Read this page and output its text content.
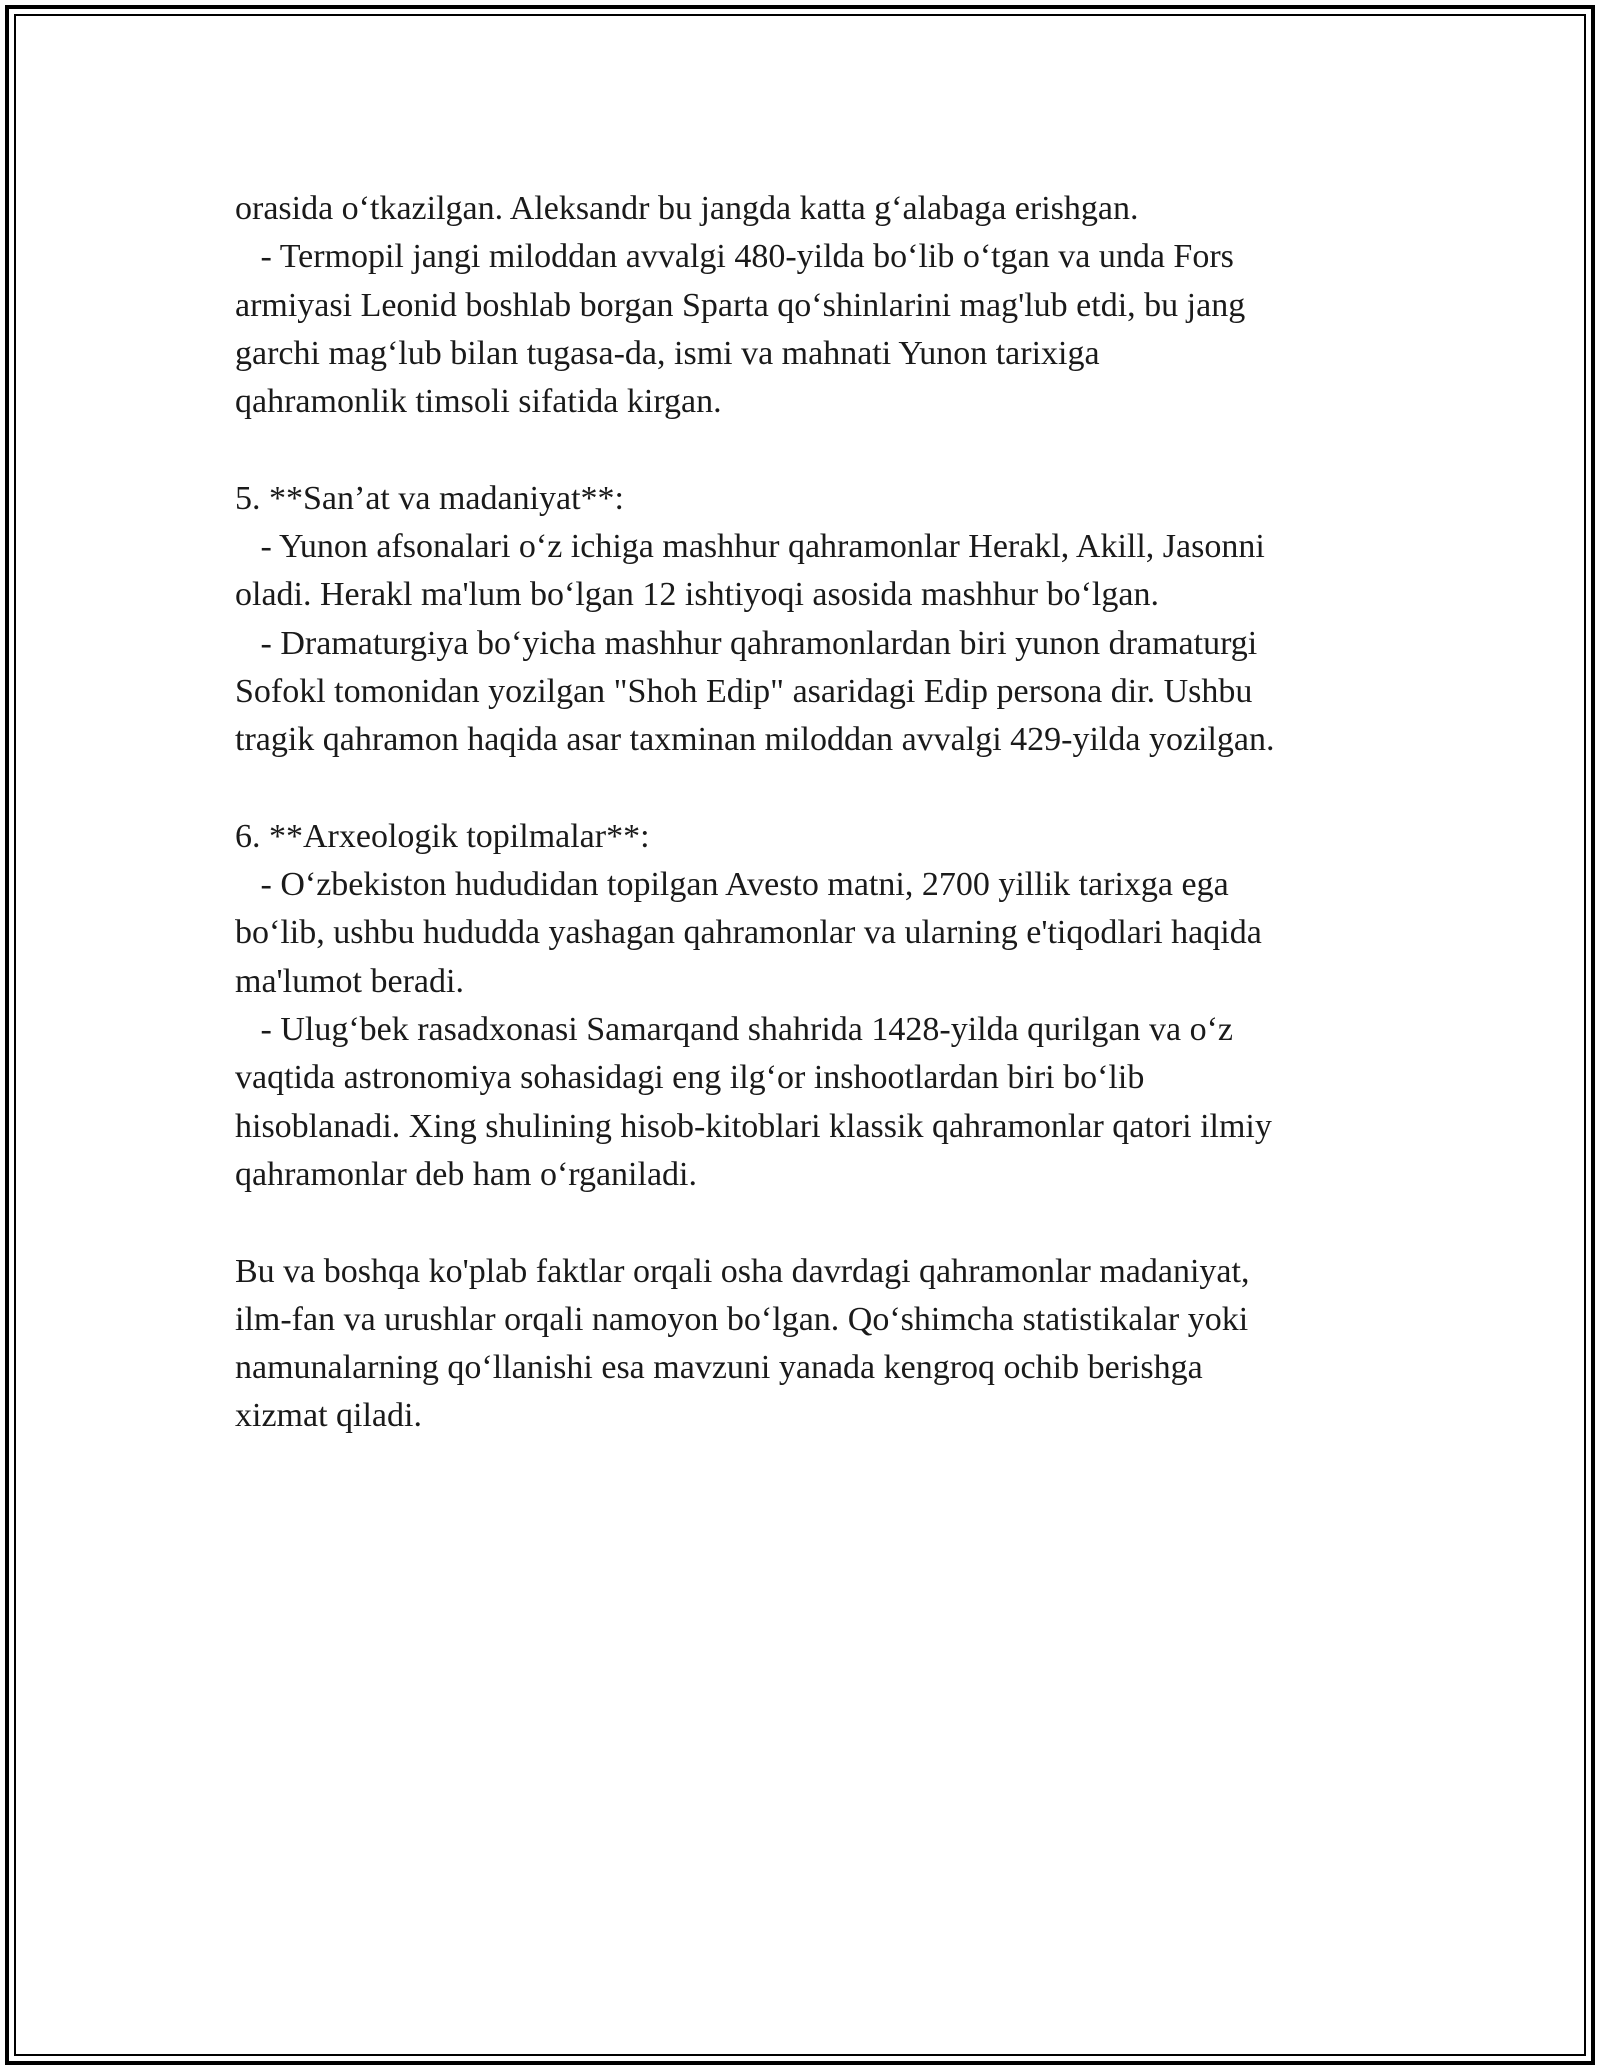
orasida o‘tkazilgan. Aleksandr bu jangda katta g‘alabaga erishgan.
- Termopil jangi miloddan avvalgi 480-yilda bo‘lib o‘tgan va unda Fors
armiyasi Leonid boshlab borgan Sparta qo‘shinlarini mag'lub etdi, bu jang
garchi mag‘lub bilan tugasa-da, ismi va mahnati Yunon tarixiga
qahramonlik timsoli sifatida kirgan.
5. **San’at va madaniyat**:
- Yunon afsonalari o‘z ichiga mashhur qahramonlar Herakl, Akill, Jasonni
oladi. Herakl ma'lum bo‘lgan 12 ishtiyoqi asosida mashhur bo‘lgan.
- Dramaturgiya bo‘yicha mashhur qahramonlardan biri yunon dramaturgi
Sofokl tomonidan yozilgan "Shoh Edip" asaridagi Edip persona dir. Ushbu
tragik qahramon haqida asar taxminan miloddan avvalgi 429-yilda yozilgan.
6. **Arxeologik topilmalar**:
- O‘zbekiston hududidan topilgan Avesto matni, 2700 yillik tarixga ega
bo‘lib, ushbu hududda yashagan qahramonlar va ularning e'tiqodlari haqida
ma'lumot beradi.
- Ulug‘bek rasadxonasi Samarqand shahrida 1428-yilda qurilgan va o‘z
vaqtida astronomiya sohasidagi eng ilg‘or inshootlardan biri bo‘lib
hisoblanadi. Xing shulining hisob-kitoblari klassik qahramonlar qatori ilmiy
qahramonlar deb ham o‘rganiladi.
Bu va boshqa ko'plab faktlar orqali osha davrdagi qahramonlar madaniyat,
ilm-fan va urushlar orqali namoyon bo‘lgan. Qo‘shimcha statistikalar yoki
namunalarning qo‘llanishi esa mavzuni yanada kengroq ochib berishga
xizmat qiladi.
